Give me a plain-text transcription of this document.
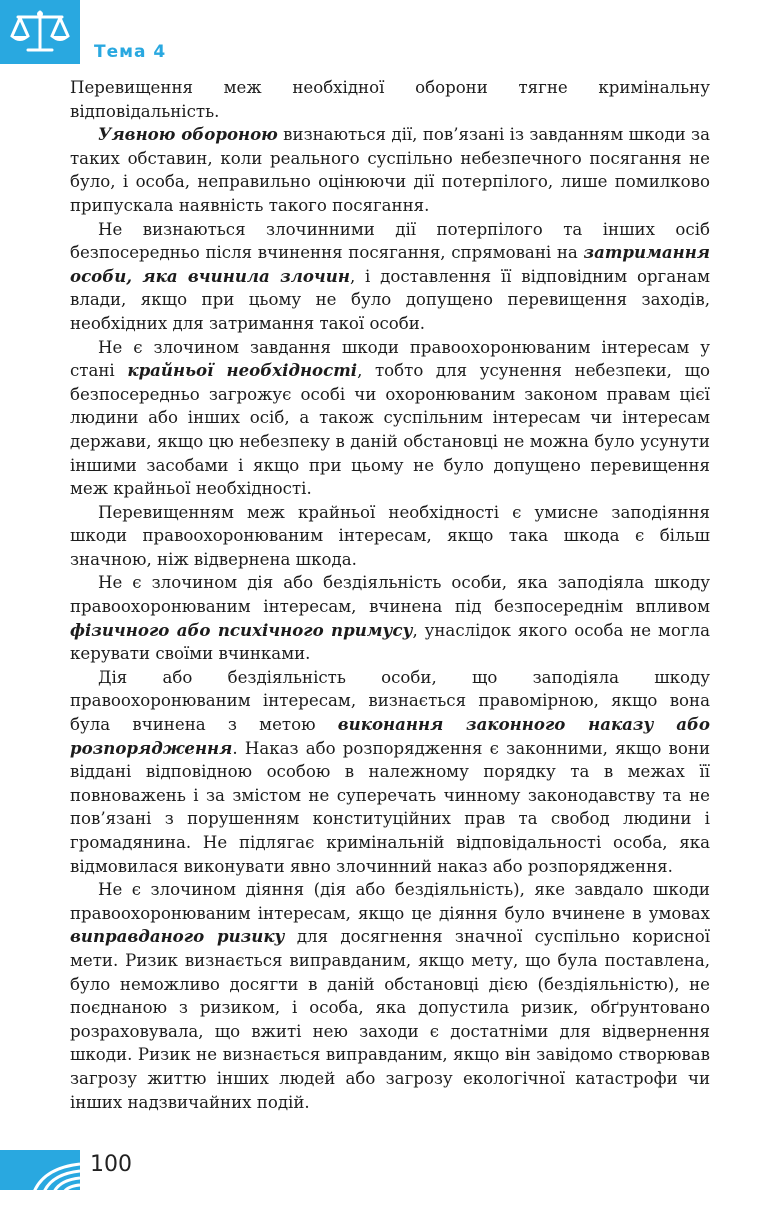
Тема 4

Перевищення меж необхідної оборони тягне кримінальну відповідальність.

Уявною обороною визнаються дії, пов’язані із завданням шкоди за таких обставин, коли реального суспільно небезпечного посягання не було, і особа, неправильно оцінюючи дії потерпілого, лише помилково припускала наявність такого посягання.

Не визнаються злочинними дії потерпілого та інших осіб безпосередньо після вчинення посягання, спрямовані на затримання особи, яка вчинила злочин, і доставлення її відповідним органам влади, якщо при цьому не було допущено перевищення заходів, необхідних для затримання такої особи.

Не є злочином завдання шкоди правоохоронюваним інтересам у стані крайньої необхідності, тобто для усунення небезпеки, що безпосередньо загрожує особі чи охоронюваним законом правам цієї людини або інших осіб, а також суспільним інтересам чи інтересам держави, якщо цю небезпеку в даній обстановці не можна було усунути іншими засобами і якщо при цьому не було допущено перевищення меж крайньої необхідності.

Перевищенням меж крайньої необхідності є умисне заподіяння шкоди правоохоронюваним інтересам, якщо така шкода є більш значною, ніж відвернена шкода.

Не є злочином дія або бездіяльність особи, яка заподіяла шкоду правоохоронюваним інтересам, вчинена під безпосереднім впливом фізичного або психічного примусу, унаслідок якого особа не могла керувати своїми вчинками.

Дія або бездіяльність особи, що заподіяла шкоду правоохоронюваним інтересам, визнається правомірною, якщо вона була вчинена з метою виконання законного наказу або розпорядження. Наказ або розпорядження є законними, якщо вони віддані відповідною особою в належному порядку та в межах її повноважень і за змістом не суперечать чинному законодавству та не пов’язані з порушенням конституційних прав та свобод людини і громадянина. Не підлягає кримінальній відповідальності особа, яка відмовилася виконувати явно злочинний наказ або розпорядження.

Не є злочином діяння (дія або бездіяльність), яке завдало шкоди правоохоронюваним інтересам, якщо це діяння було вчинене в умовах виправданого ризику для досягнення значної суспільно корисної мети. Ризик визнається виправданим, якщо мету, що була поставлена, було неможливо досягти в даній обстановці дією (бездіяльністю), не поєднаною з ризиком, і особа, яка допустила ризик, обґрунтовано розраховувала, що вжиті нею заходи є достатніми для відвернення шкоди. Ризик не визнається виправданим, якщо він завідомо створював загрозу життю інших людей або загрозу екологічної катастрофи чи інших надзвичайних подій.

100
